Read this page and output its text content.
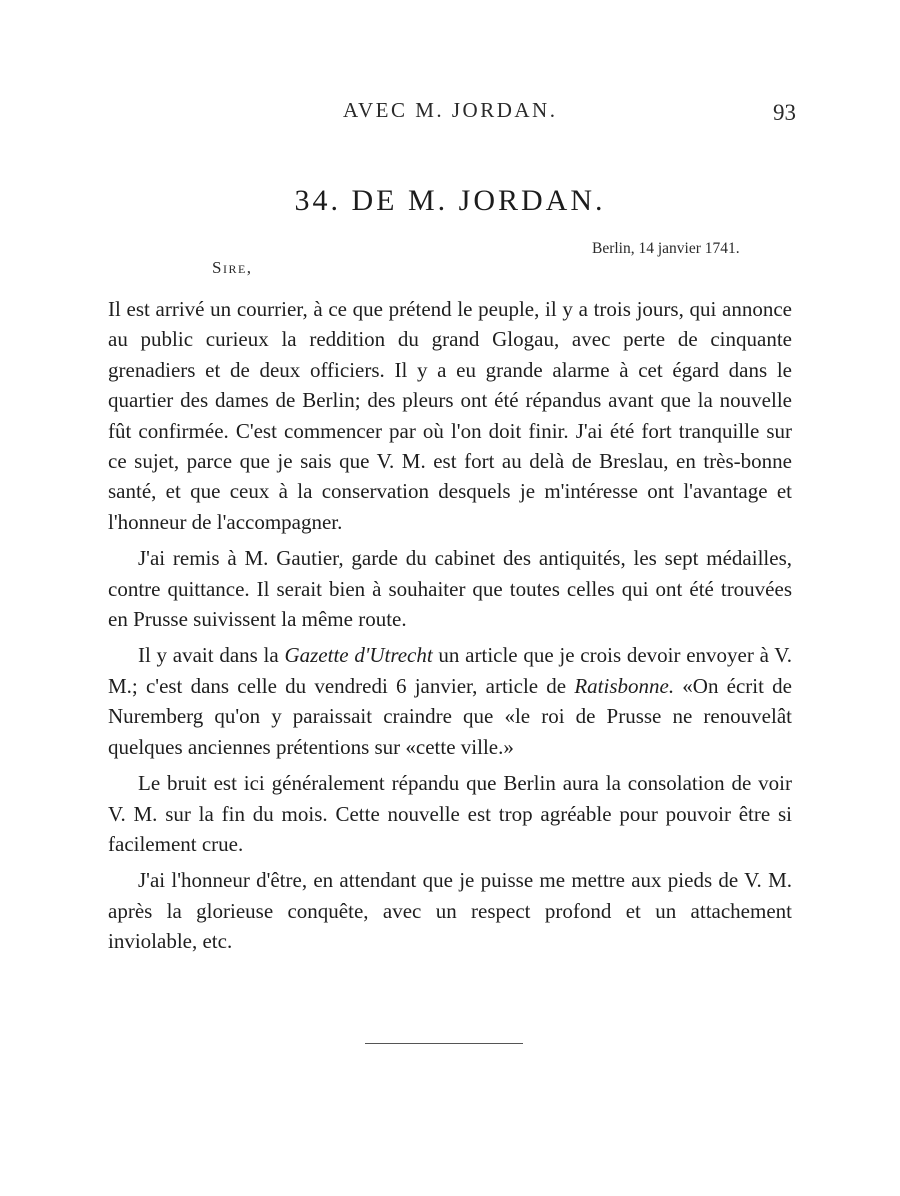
AVEC M. JORDAN.	93
34. DE M. JORDAN.
Berlin, 14 janvier 1741.
Sire,

Il est arrivé un courrier, à ce que prétend le peuple, il y a trois jours, qui annonce au public curieux la reddition du grand Glogau, avec perte de cinquante grenadiers et de deux officiers. Il y a eu grande alarme à cet égard dans le quartier des dames de Berlin; des pleurs ont été répandus avant que la nouvelle fût confirmée. C'est commencer par où l'on doit finir. J'ai été fort tranquille sur ce sujet, parce que je sais que V. M. est fort au delà de Breslau, en très-bonne santé, et que ceux à la conservation desquels je m'intéresse ont l'avantage et l'honneur de l'accompagner.

J'ai remis à M. Gautier, garde du cabinet des antiquités, les sept médailles, contre quittance. Il serait bien à souhaiter que toutes celles qui ont été trouvées en Prusse suivissent la même route.

Il y avait dans la Gazette d'Utrecht un article que je crois devoir envoyer à V. M.; c'est dans celle du vendredi 6 janvier, article de Ratisbonne. «On écrit de Nuremberg qu'on y paraissait craindre que «le roi de Prusse ne renouvelât quelques anciennes prétentions sur «cette ville.»

Le bruit est ici généralement répandu que Berlin aura la consolation de voir V. M. sur la fin du mois. Cette nouvelle est trop agréable pour pouvoir être si facilement crue.

J'ai l'honneur d'être, en attendant que je puisse me mettre aux pieds de V. M. après la glorieuse conquête, avec un respect profond et un attachement inviolable, etc.
